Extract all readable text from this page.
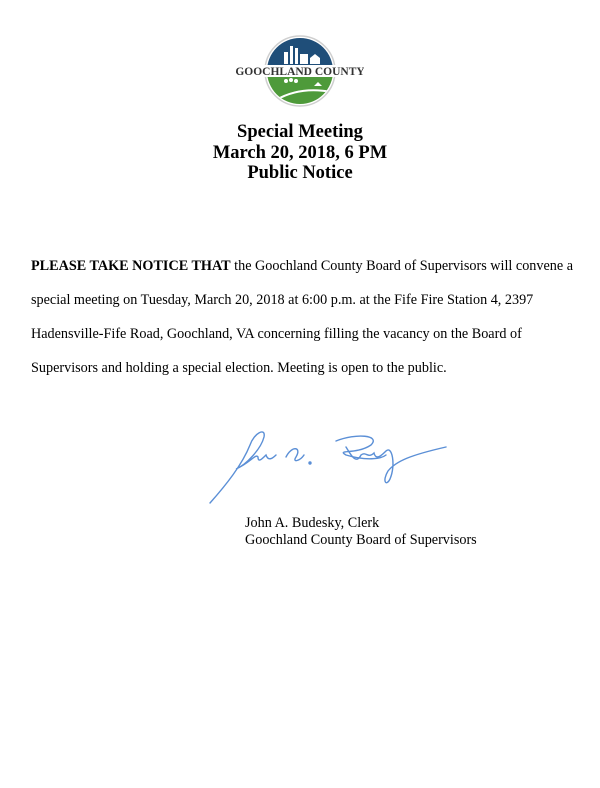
GOOCHLAND COUNTY
Special Meeting
March 20, 2018, 6 PM
Public Notice
PLEASE TAKE NOTICE THAT the Goochland County Board of Supervisors will convene a
special meeting on Tuesday, March 20, 2018 at 6:00 p.m. at the Fife Fire Station 4, 2397
Hadensville-Fife Road, Goochland, VA concerning filling the vacancy on the Board of
Supervisors and holding a special election. Meeting is open to the public.
John A. Budesky, Clerk
Goochland County Board of Supervisors
